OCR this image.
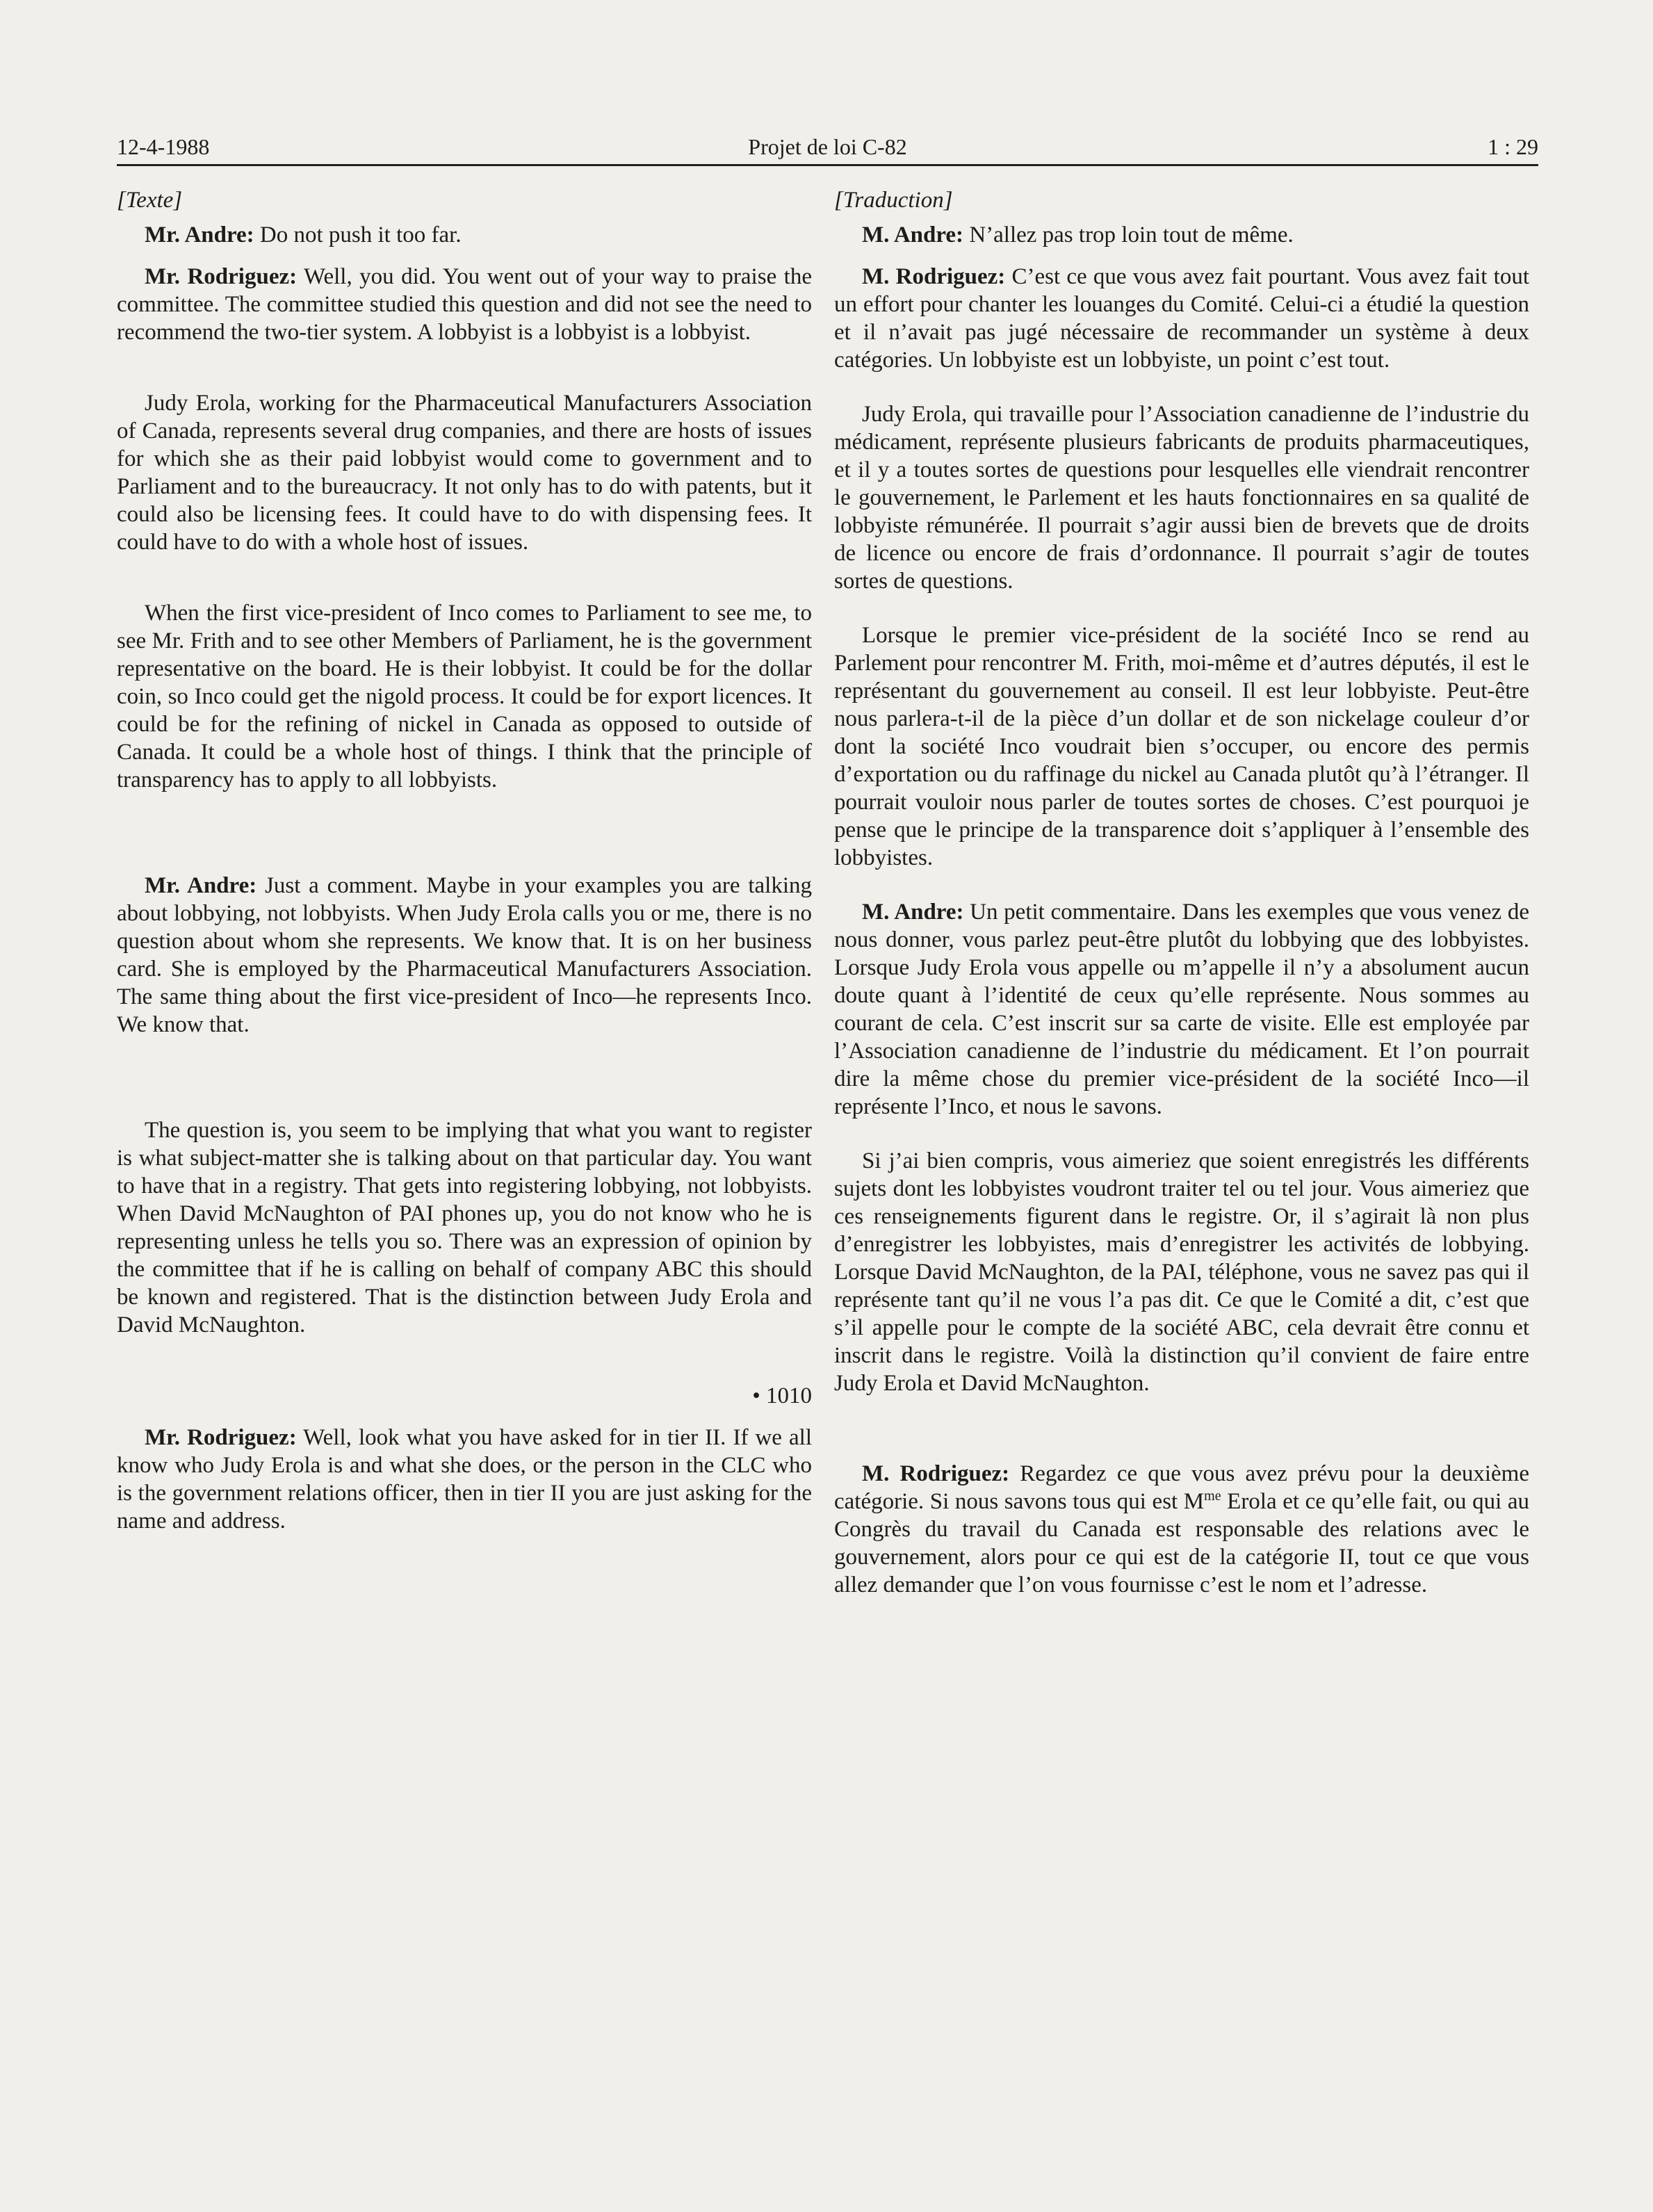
12-4-1988	Projet de loi C-82	1 : 29
[Texte]

Mr. Andre: Do not push it too far.

Mr. Rodriguez: Well, you did. You went out of your way to praise the committee. The committee studied this question and did not see the need to recommend the two-tier system. A lobbyist is a lobbyist is a lobbyist.

Judy Erola, working for the Pharmaceutical Manufacturers Association of Canada, represents several drug companies, and there are hosts of issues for which she as their paid lobbyist would come to government and to Parliament and to the bureaucracy. It not only has to do with patents, but it could also be licensing fees. It could have to do with dispensing fees. It could have to do with a whole host of issues.

When the first vice-president of Inco comes to Parliament to see me, to see Mr. Frith and to see other Members of Parliament, he is the government representative on the board. He is their lobbyist. It could be for the dollar coin, so Inco could get the nigold process. It could be for export licences. It could be for the refining of nickel in Canada as opposed to outside of Canada. It could be a whole host of things. I think that the principle of transparency has to apply to all lobbyists.

Mr. Andre: Just a comment. Maybe in your examples you are talking about lobbying, not lobbyists. When Judy Erola calls you or me, there is no question about whom she represents. We know that. It is on her business card. She is employed by the Pharmaceutical Manufacturers Association. The same thing about the first vice-president of Inco—he represents Inco. We know that.

The question is, you seem to be implying that what you want to register is what subject-matter she is talking about on that particular day. You want to have that in a registry. That gets into registering lobbying, not lobbyists. When David McNaughton of PAI phones up, you do not know who he is representing unless he tells you so. There was an expression of opinion by the committee that if he is calling on behalf of company ABC this should be known and registered. That is the distinction between Judy Erola and David McNaughton.

• 1010

Mr. Rodriguez: Well, look what you have asked for in tier II. If we all know who Judy Erola is and what she does, or the person in the CLC who is the government relations officer, then in tier II you are just asking for the name and address.

[Traduction]

M. Andre: N’allez pas trop loin tout de même.

M. Rodriguez: C’est ce que vous avez fait pourtant. Vous avez fait tout un effort pour chanter les louanges du Comité. Celui-ci a étudié la question et il n’avait pas jugé nécessaire de recommander un système à deux catégories. Un lobbyiste est un lobbyiste, un point c’est tout.

Judy Erola, qui travaille pour l’Association canadienne de l’industrie du médicament, représente plusieurs fabricants de produits pharmaceutiques, et il y a toutes sortes de questions pour lesquelles elle viendrait rencontrer le gouvernement, le Parlement et les hauts fonctionnaires en sa qualité de lobbyiste rémunérée. Il pourrait s’agir aussi bien de brevets que de droits de licence ou encore de frais d’ordonnance. Il pourrait s’agir de toutes sortes de questions.

Lorsque le premier vice-président de la société Inco se rend au Parlement pour rencontrer M. Frith, moi-même et d’autres députés, il est le représentant du gouvernement au conseil. Il est leur lobbyiste. Peut-être nous parlera-t-il de la pièce d’un dollar et de son nickelage couleur d’or dont la société Inco voudrait bien s’occuper, ou encore des permis d’exportation ou du raffinage du nickel au Canada plutôt qu’à l’étranger. Il pourrait vouloir nous parler de toutes sortes de choses. C’est pourquoi je pense que le principe de la transparence doit s’appliquer à l’ensemble des lobbyistes.

M. Andre: Un petit commentaire. Dans les exemples que vous venez de nous donner, vous parlez peut-être plutôt du lobbying que des lobbyistes. Lorsque Judy Erola vous appelle ou m’appelle il n’y a absolument aucun doute quant à l’identité de ceux qu’elle représente. Nous sommes au courant de cela. C’est inscrit sur sa carte de visite. Elle est employée par l’Association canadienne de l’industrie du médicament. Et l’on pourrait dire la même chose du premier vice-président de la société Inco—il représente l’Inco, et nous le savons.

Si j’ai bien compris, vous aimeriez que soient enregistrés les différents sujets dont les lobbyistes voudront traiter tel ou tel jour. Vous aimeriez que ces renseignements figurent dans le registre. Or, il s’agirait là non plus d’enregistrer les lobbyistes, mais d’enregistrer les activités de lobbying. Lorsque David McNaughton, de la PAI, téléphone, vous ne savez pas qui il représente tant qu’il ne vous l’a pas dit. Ce que le Comité a dit, c’est que s’il appelle pour le compte de la société ABC, cela devrait être connu et inscrit dans le registre. Voilà la distinction qu’il convient de faire entre Judy Erola et David McNaughton.

M. Rodriguez: Regardez ce que vous avez prévu pour la deuxième catégorie. Si nous savons tous qui est $M^{me}$ Erola et ce qu’elle fait, ou qui au Congrès du travail du Canada est responsable des relations avec le gouvernement, alors pour ce qui est de la catégorie II, tout ce que vous allez demander que l’on vous fournisse c’est le nom et l’adresse.
